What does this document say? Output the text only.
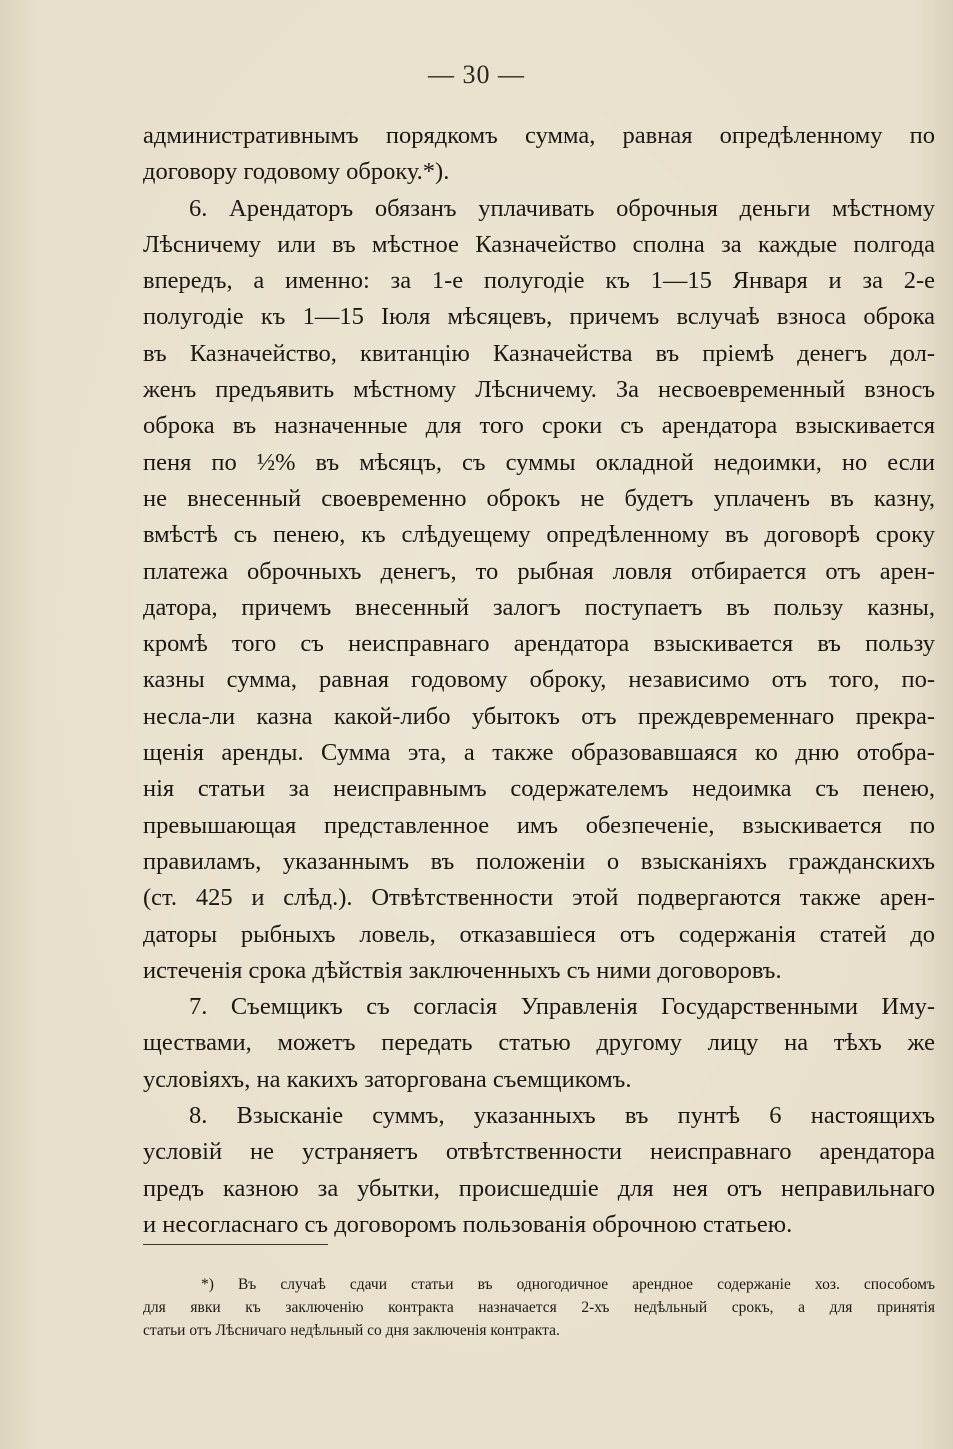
— 30 —
административнымъ порядкомъ сумма, равная опредѣленному по
договору годовому оброку.*).
6. Арендаторъ обязанъ уплачивать оброчныя деньги мѣстному
Лѣсничему или въ мѣстное Казначейство сполна за каждые полгода
впередъ, а именно: за 1-е полугодіе къ 1—15 Января и за 2-е
полугодіе къ 1—15 Іюля мѣсяцевъ, причемъ вслучаѣ взноса оброка
въ Казначейство, квитанцію Казначейства въ пріемѣ денегъ дол-
женъ предъявить мѣстному Лѣсничему. За несвоевременный взносъ
оброка въ назначенные для того сроки съ арендатора взыскивается
пеня по ½% въ мѣсяцъ, съ суммы окладной недоимки, но если
не внесенный своевременно оброкъ не будетъ уплаченъ въ казну,
вмѣстѣ съ пенею, къ слѣдуещему опредѣленному въ договорѣ сроку
платежа оброчныхъ денегъ, то рыбная ловля отбирается отъ арен-
датора, причемъ внесенный залогъ поступаетъ въ пользу казны,
кромѣ того съ неисправнаго арендатора взыскивается въ пользу
казны сумма, равная годовому оброку, независимо отъ того, по-
несла-ли казна какой-либо убытокъ отъ преждевременнаго прекра-
щенія аренды. Сумма эта, а также образовавшаяся ко дню отобра-
нія статьи за неисправнымъ содержателемъ недоимка съ пенею,
превышающая представленное имъ обезпеченіе, взыскивается по
правиламъ, указаннымъ въ положеніи о взысканіяхъ гражданскихъ
(ст. 425 и слѣд.). Отвѣтственности этой подвергаются также арен-
даторы рыбныхъ ловель, отказавшіеся отъ содержанія статей до
истеченія срока дѣйствія заключенныхъ съ ними договоровъ.
7. Съемщикъ съ согласія Управленія Государственными Иму-
ществами, можетъ передать статью другому лицу на тѣхъ же
условіяхъ, на какихъ заторгована съемщикомъ.
8. Взысканіе суммъ, указанныхъ въ пунтѣ 6 настоящихъ
условій не устраняетъ отвѣтственности неисправнаго арендатора
предъ казною за убытки, происшедшіе для нея отъ неправильнаго
и несогласнаго съ договоромъ пользованія оброчною статьею.
*) Въ случаѣ сдачи статьи въ одногодичное арендное содержаніе хоз. способомъ
для явки къ заключенію контракта назначается 2-хъ недѣльный срокъ, а для принятія
статьи отъ Лѣсничаго недѣльный со дня заключенія контракта.
